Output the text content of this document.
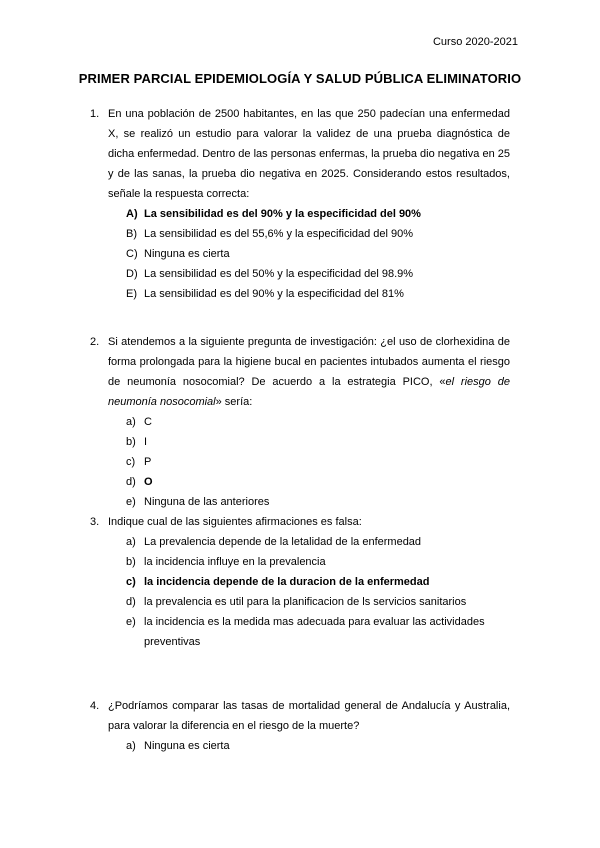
Curso 2020-2021
PRIMER PARCIAL EPIDEMIOLOGÍA Y SALUD PÚBLICA ELIMINATORIO
1. En una población de 2500 habitantes, en las que 250 padecían una enfermedad X, se realizó un estudio para valorar la validez de una prueba diagnóstica de dicha enfermedad. Dentro de las personas enfermas, la prueba dio negativa en 25 y de las sanas, la prueba dio negativa en 2025. Considerando estos resultados, señale la respuesta correcta:
A) La sensibilidad es del 90% y la especificidad del 90%
B) La sensibilidad es del 55,6% y la especificidad del 90%
C) Ninguna es cierta
D) La sensibilidad es del 50% y la especificidad del 98.9%
E) La sensibilidad es del 90% y la especificidad del 81%
2. Si atendemos a la siguiente pregunta de investigación: ¿el uso de clorhexidina de forma prolongada para la higiene bucal en pacientes intubados aumenta el riesgo de neumonía nosocomial? De acuerdo a la estrategia PICO, «el riesgo de neumonía nosocomial» sería:
a) C
b) I
c) P
d) O
e) Ninguna de las anteriores
3. Indique cual de las siguientes afirmaciones es falsa:
a) La prevalencia depende de la letalidad de la enfermedad
b) la incidencia influye en la prevalencia
c) la incidencia depende de la duracion de la enfermedad
d) la prevalencia es util para la planificacion de ls servicios sanitarios
e) la incidencia es la medida mas adecuada para evaluar las actividades preventivas
4. ¿Podríamos comparar las tasas de mortalidad general de Andalucía y Australia, para valorar la diferencia en el riesgo de la muerte?
a) Ninguna es cierta
